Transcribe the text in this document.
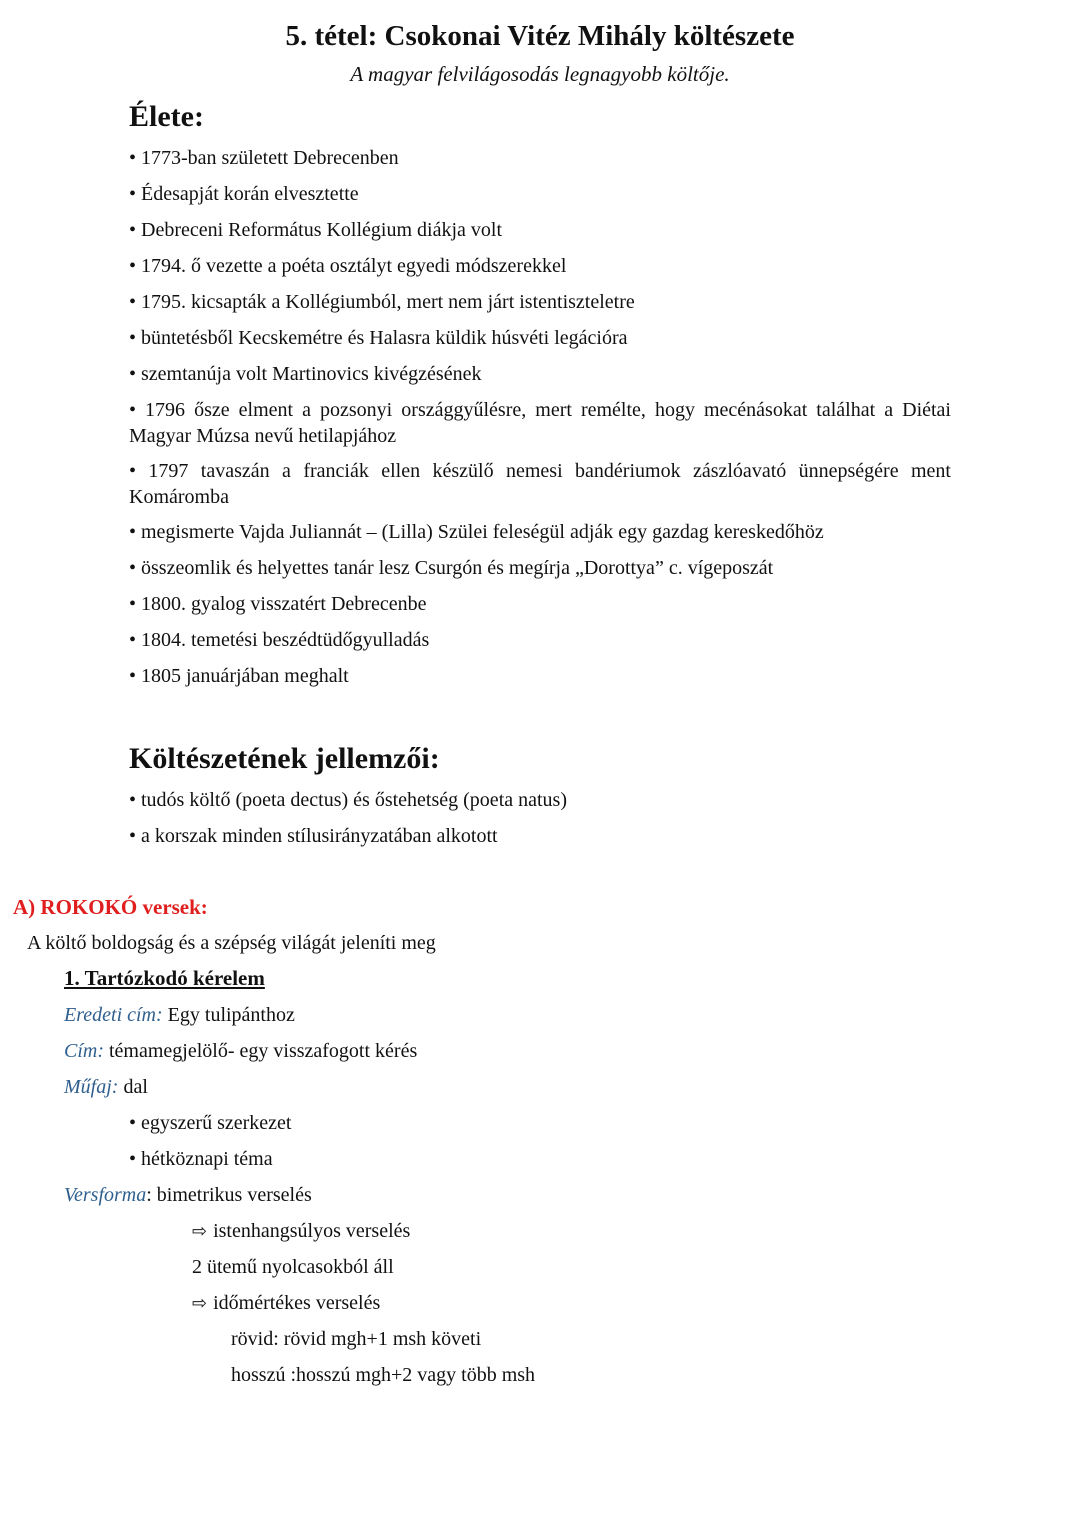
5. tétel: Csokonai Vitéz Mihály költészete
A magyar felvilágosodás legnagyobb költője.
Élete:
• 1773-ban született Debrecenben
• Édesapját korán elvesztette
• Debreceni Református Kollégium diákja volt
• 1794. ő vezette a poéta osztályt egyedi módszerekkel
• 1795. kicsapták a Kollégiumból, mert nem járt istentiszteletre
• büntetésből Kecskemétre és Halasra küldik húsvéti legációra
• szemtanúja volt Martinovics kivégzésének
• 1796 ősze elment a pozsonyi országgyűlésre, mert remélte, hogy mecénásokat találhat a Diétai Magyar Múzsa nevű hetilapjához
• 1797 tavaszán a franciák ellen készülő nemesi bandériumok zászlóavató ünnepségére ment Komáromba
• megismerte Vajda Juliannát – (Lilla) Szülei feleségül adják egy gazdag kereskedőhöz
• összeomlik és helyettes tanár lesz Csurgón és megírja „Dorottya” c. vígeposzát
• 1800. gyalog visszatért Debrecenbe
• 1804. temetési beszédtüdőgyulladás
• 1805 januárjában meghalt
Költészetének jellemzői:
• tudós költő (poeta dectus) és őstehetség (poeta natus)
• a korszak minden stílusirányzatában alkotott
A) ROKOKÓ versek:
A költő boldogság és a szépség világát jeleníti meg
1. Tartózkodó kérelem
Eredeti cím: Egy tulipánthoz
Cím: témamegjelölő- egy visszafogott kérés
Műfaj: dal
• egyszerű szerkezet
• hétköznapi téma
Versforma: bimetrikus verselés
⇨ istenhangsúlyos verselés
2 ütemű nyolcasokból áll
⇨ időmértékes verselés
rövid: rövid mgh+1 msh követi
hosszú :hosszú mgh+2 vagy több msh
